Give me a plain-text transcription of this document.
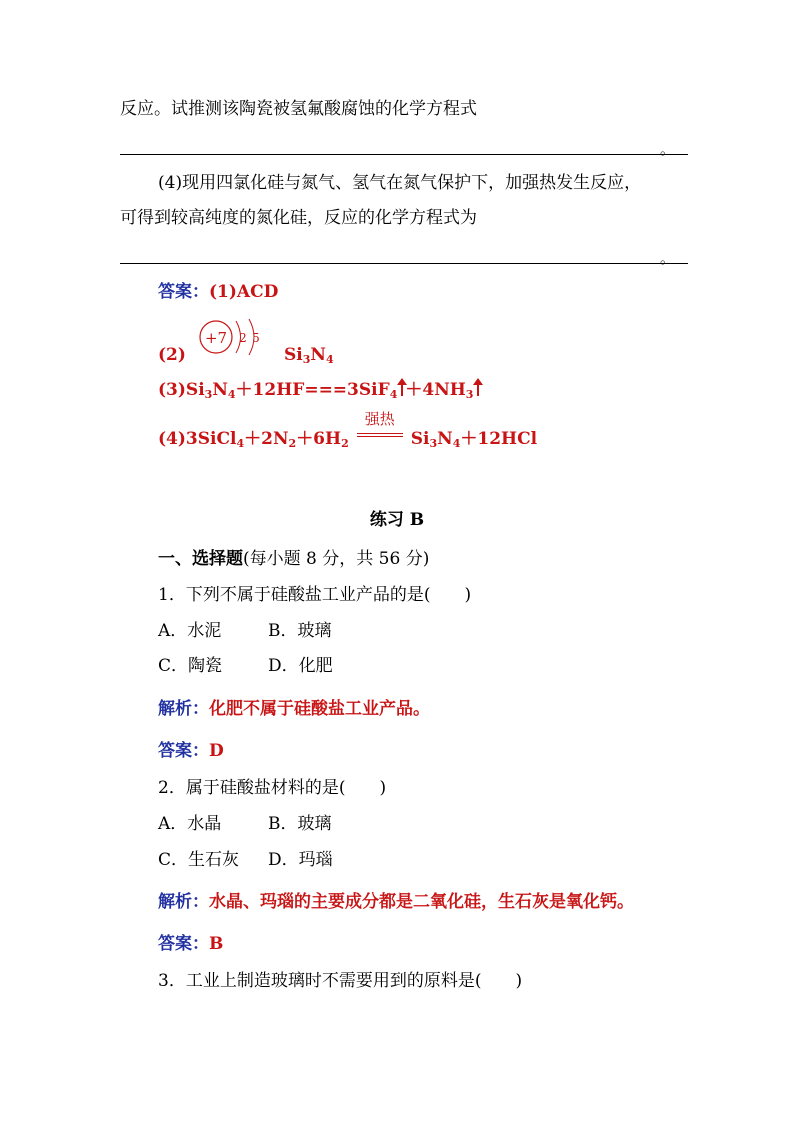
反应。试推测该陶瓷被氢氟酸腐蚀的化学方程式
。
(4)现用四氯化硅与氮气、氢气在氮气保护下，加强热发生反应，
可得到较高纯度的氮化硅，反应的化学方程式为
。
答案：(1)ACD
(2)
+7 2 5
$Si_3N_4$
$(3)Si_3N_4+12HF===3SiF_4 +4NH_3$
$(4)3SiCl_4+2N_2+6H_2$
强热
$Si_3N_4+12HCl$
练习 B
一、选择题(每小题 8 分，共 56 分)
1．下列不属于硅酸盐工业产品的是(　　)
A．水泥	B．玻璃
C．陶瓷	D．化肥
解析：化肥不属于硅酸盐工业产品。
答案：D
2．属于硅酸盐材料的是(　　)
A．水晶	B．玻璃
C．生石灰 D．玛瑙
解析：水晶、玛瑙的主要成分都是二氧化硅，生石灰是氧化钙。
答案：B
3．工业上制造玻璃时不需要用到的原料是(　　)
